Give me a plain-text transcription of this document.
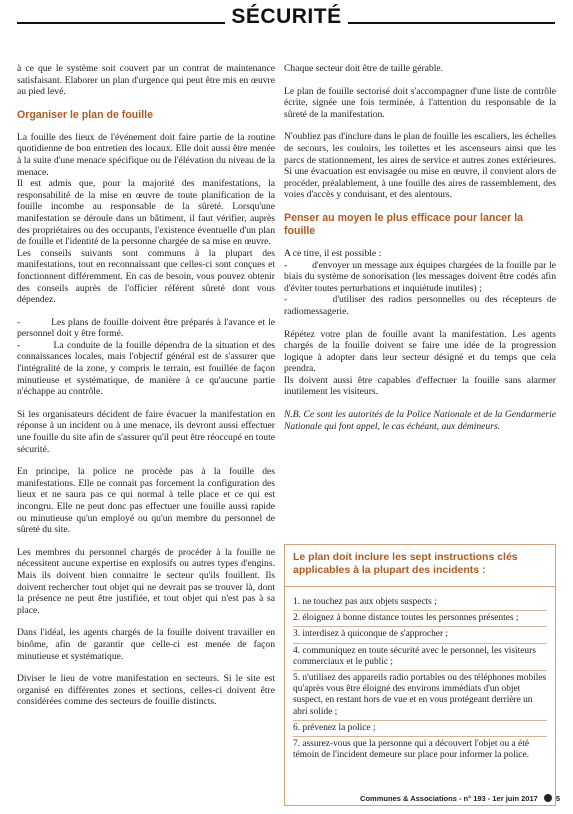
SÉCURITÉ

à ce que le système soit couvert par un contrat de maintenance satisfaisant. Elaborer un plan d'urgence qui peut être mis en œuvre au pied levé.

Organiser le plan de fouille

La fouille des lieux de l'événement doit faire partie de la routine quotidienne de bon entretien des locaux. Elle doit aussi être menée à la suite d'une menace spécifique ou de l'élévation du niveau de la menace.

Il est admis que, pour la majorité des manifestations, la responsabilité de la mise en œuvre de toute planification de la fouille incombe au responsable de la sûreté. Lorsqu'une manifestation se déroule dans un bâtiment, il faut vérifier, auprès des propriétaires ou des occupants, l'existence éventuelle d'un plan de fouille et l'identité de la personne chargée de sa mise en œuvre.

Les conseils suivants sont communs à la plupart des manifestations, tout en reconnaissant que celles-ci sont conçues et fonctionnent différemment. En cas de besoin, vous pouvez obtenir des conseils auprès de l'officier référent sûreté dont vous dépendez.

-          Les plans de fouille doivent être préparés à l'avance et le personnel doit y être formé.

-          La conduite de la fouille dépendra de la situation et des connaissances locales, mais l'objectif général est de s'assurer que l'intégralité de la zone, y compris le terrain, est fouillée de façon minutieuse et systématique, de manière à ce qu'aucune partie n'échappe au contrôle.

Si les organisateurs décident de faire évacuer la manifestation en réponse à un incident ou à une menace, ils devront aussi effectuer une fouille du site afin de s'assurer qu'il peut être réoccupé en toute sécurité.

En principe, la police ne procède pas à la fouille des manifestations. Elle ne connait pas forcement la configuration des lieux et ne saura pas ce qui normal à telle place et ce qui est incongru. Elle ne peut donc pas effectuer une fouille aussi rapide ou minutieuse qu'un employé ou qu'un membre du personnel de sûreté du site.

Les membres du personnel chargés de procéder à la fouille ne nécessitent aucune expertise en explosifs ou autres types d'engins. Mais ils doivent bien connaitre le secteur qu'ils fouillent. Ils doivent rechercher tout objet qui ne devrait pas se trouver là, dont la présence ne peut être justifiée, et tout objet qui n'est pas à sa place.

Dans l'idéal, les agents chargés de la fouille doivent travailler en binôme, afin de garantir que celle-ci est menée de façon minutieuse et systématique.

Diviser le lieu de votre manifestation en secteurs. Si le site est organisé en différentes zones et sections, celles-ci doivent être considérées comme des secteurs de fouille distincts.

Chaque secteur doit être de taille gérable.

Le plan de fouille sectorisé doit s'accompagner d'une liste de contrôle écrite, signée une fois terminée, à l'attention du responsable de la sûreté de la manifestation.

N'oubliez pas d'inclure dans le plan de fouille les escaliers, les échelles de secours, les couloirs, les toilettes et les ascenseurs ainsi que les parcs de stationnement, les aires de service et autres zones extérieures. Si une évacuation est envisagée ou mise en œuvre, il convient alors de procéder, préalablement, à une fouille des aires de rassemblement, des voies d'accès y conduisant, et des alentours.

Penser au moyen le plus efficace pour lancer la fouille

A ce titre, il est possible :

-         d'envoyer un message aux équipes chargées de la fouille par le biais du système de sonorisation (les messages doivent être codés afin d'éviter toutes perturbations et inquiétude inutiles) ;

-         d'utiliser des radios personnelles ou des récepteurs de radiomessagerie.

Répétez votre plan de fouille avant la manifestation. Les agents chargés de la fouille doivent se faire une idée de la progression logique à adopter dans leur secteur désigné et du temps que cela prendra.

Ils doivent aussi être capables d'effectuer la fouille sans alarmer inutilement les visiteurs.

N.B. Ce sont les autorités de la Police Nationale et de la Gendarmerie Nationale qui font appel, le cas échéant, aux démineurs.

Le plan doit inclure les sept instructions clés applicables à la plupart des incidents :
1. ne touchez pas aux objets suspects ;
2. éloignez à bonne distance toutes les personnes présentes ;
3. interdisez à quiconque de s'approcher ;
4. communiquez en toute sécurité avec le personnel, les visiteurs commerciaux et le public ;
5. n'utilisez des appareils radio portables ou des téléphones mobiles qu'après vous être éloigné des environs immédiats d'un objet suspect, en restant hors de vue et en vous protégeant derrière un abri solide ;
6. prévenez la police ;
7. assurez-vous que la personne qui a découvert l'objet ou a été témoin de l'incident demeure sur place pour informer la police.
Communes & Associations - n° 193 - 1er juin 2017 5
